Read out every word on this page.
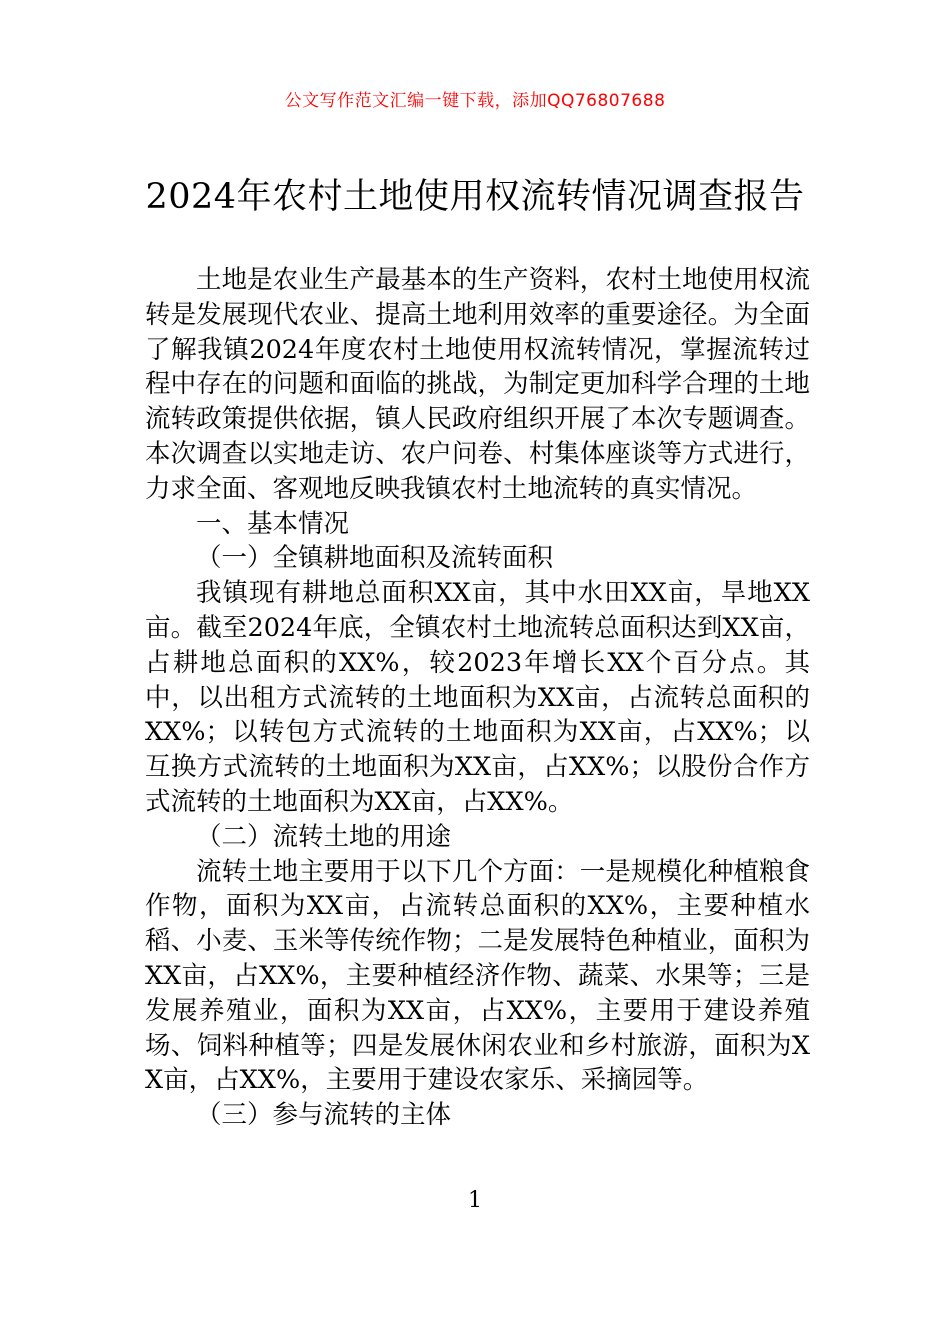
公文写作范文汇编一键下载，添加QQ76807688
2024年农村土地使用权流转情况调查报告

土地是农业生产最基本的生产资料，农村土地使用权流转是发展现代农业、提高土地利用效率的重要途径。为全面了解我镇2024年度农村土地使用权流转情况，掌握流转过程中存在的问题和面临的挑战，为制定更加科学合理的土地流转政策提供依据，镇人民政府组织开展了本次专题调查。本次调查以实地走访、农户问卷、村集体座谈等方式进行，力求全面、客观地反映我镇农村土地流转的真实情况。

一、基本情况

（一）全镇耕地面积及流转面积

我镇现有耕地总面积XX亩，其中水田XX亩，旱地XX亩。截至2024年底，全镇农村土地流转总面积达到XX亩，占耕地总面积的XX%，较2023年增长XX个百分点。其中，以出租方式流转的土地面积为XX亩，占流转总面积的XX%；以转包方式流转的土地面积为XX亩，占XX%；以互换方式流转的土地面积为XX亩，占XX%；以股份合作方式流转的土地面积为XX亩，占XX%。

（二）流转土地的用途

流转土地主要用于以下几个方面：一是规模化种植粮食作物，面积为XX亩，占流转总面积的XX%，主要种植水稻、小麦、玉米等传统作物；二是发展特色种植业，面积为XX亩，占XX%，主要种植经济作物、蔬菜、水果等；三是发展养殖业，面积为XX亩，占XX%，主要用于建设养殖场、饲料种植等；四是发展休闲农业和乡村旅游，面积为XX亩，占XX%，主要用于建设农家乐、采摘园等。

（三）参与流转的主体

1
